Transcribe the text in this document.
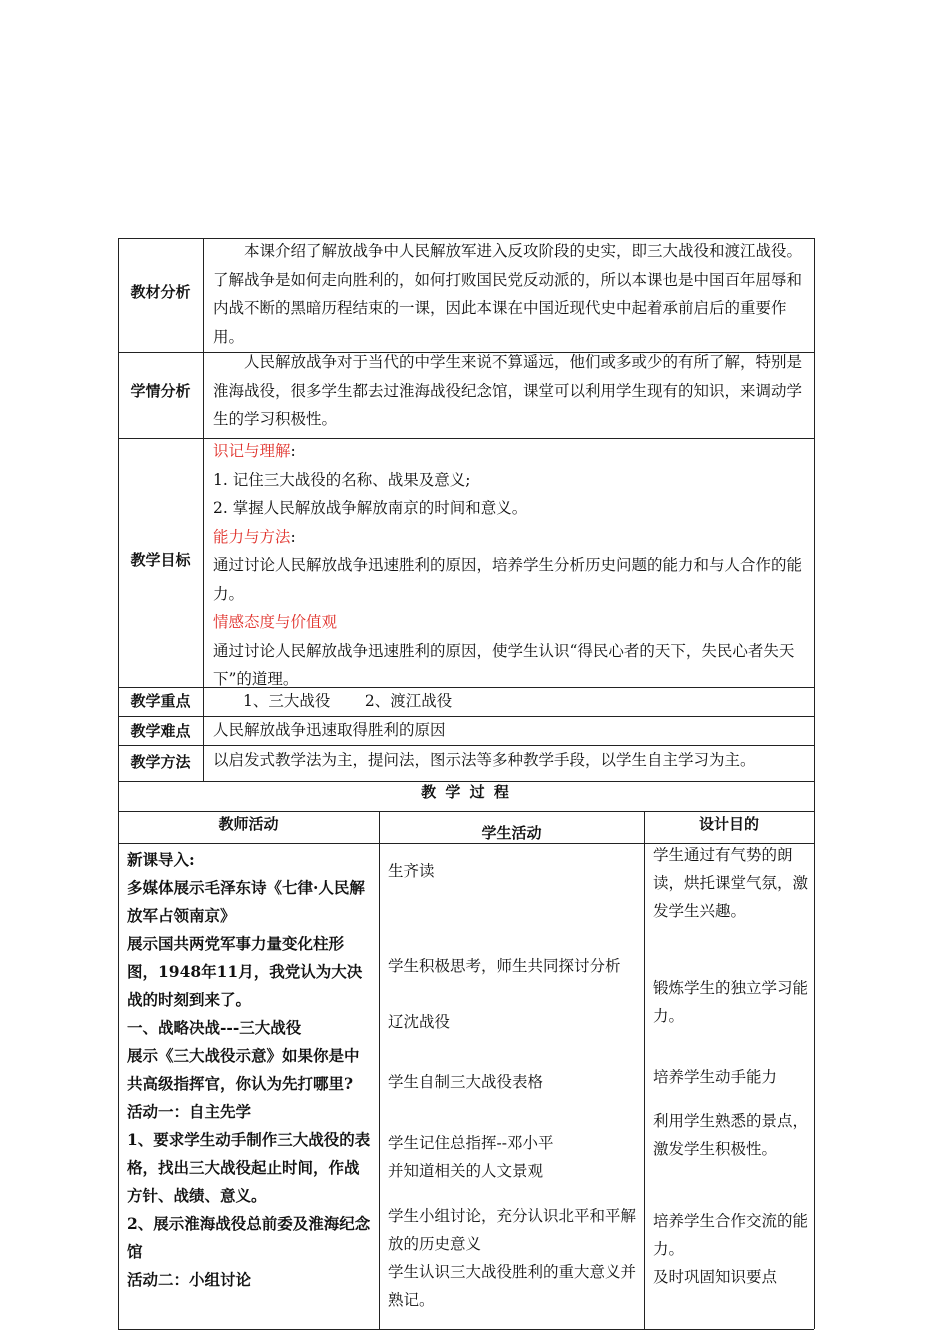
教材分析
学情分析
教学目标
教学重点
教学难点
教学方法

本课介绍了解放战争中人民解放军进入反攻阶段的史实，即三大战役和渡江战役。了解战争是如何走向胜利的，如何打败国民党反动派的，所以本课也是中国百年屈辱和内战不断的黑暗历程结束的一课，因此本课在中国近现代史中起着承前启后的重要作用。

人民解放战争对于当代的中学生来说不算遥远，他们或多或少的有所了解，特别是淮海战役，很多学生都去过淮海战役纪念馆，课堂可以利用学生现有的知识，来调动学生的学习积极性。

识记与理解:

1. 记住三大战役的名称、战果及意义;

2. 掌握人民解放战争解放南京的时间和意义。

能力与方法:

通过讨论人民解放战争迅速胜利的原因，培养学生分析历史问题的能力和与人合作的能力。

情感态度与价值观

通过讨论人民解放战争迅速胜利的原因，使学生认识“得民心者的天下，失民心者失天下”的道理。

1、三大战役       2、渡江战役
人民解放战争迅速取得胜利的原因
以启发式教学法为主，提问法，图示法等多种教学手段，以学生自主学习为主。
教 学 过 程
教师活动	学生活动	设计目的

新课导入:

多媒体展示毛泽东诗《七律·人民解放军占领南京》

展示国共两党军事力量变化柱形图，1948年11月，我党认为大决战的时刻到来了。

一、战略决战---三大战役

展示《三大战役示意》如果你是中共高级指挥官，你认为先打哪里?

活动一：自主先学

1、要求学生动手制作三大战役的表格，找出三大战役起止时间，作战方针、战绩、意义。

2、展示淮海战役总前委及淮海纪念馆

活动二：小组讨论

生齐读
学生积极思考，师生共同探讨分析
辽沈战役
学生自制三大战役表格
学生记住总指挥--邓小平
并知道相关的人文景观
学生小组讨论，充分认识北平和平解放的历史意义
学生认识三大战役胜利的重大意义并熟记。
学生通过有气势的朗读，烘托课堂气氛，激发学生兴趣。
锻炼学生的独立学习能力。
培养学生动手能力
利用学生熟悉的景点，激发学生积极性。
培养学生合作交流的能力。
及时巩固知识要点
